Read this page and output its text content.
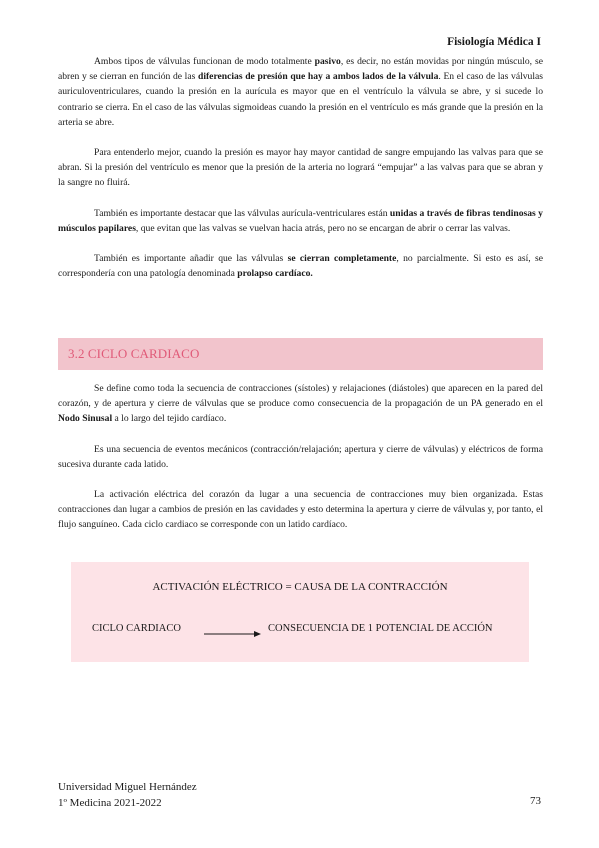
Fisiología Médica I

Ambos tipos de válvulas funcionan de modo totalmente pasivo, es decir, no están movidas por ningún músculo, se abren y se cierran en función de las diferencias de presión que hay a ambos lados de la válvula. En el caso de las válvulas auriculoventriculares, cuando la presión en la aurícula es mayor que en el ventrículo la válvula se abre, y si sucede lo contrario se cierra. En el caso de las válvulas sigmoideas cuando la presión en el ventrículo es más grande que la presión en la arteria se abre.

Para entenderlo mejor, cuando la presión es mayor hay mayor cantidad de sangre empujando las valvas para que se abran. Si la presión del ventrículo es menor que la presión de la arteria no logrará “empujar” a las valvas para que se abran y la sangre no fluirá.

También es importante destacar que las válvulas aurícula-ventriculares están unidas a través de fibras tendinosas y músculos papilares, que evitan que las valvas se vuelvan hacia atrás, pero no se encargan de abrir o cerrar las valvas.

También es importante añadir que las válvulas se cierran completamente, no parcialmente. Si esto es así, se correspondería con una patología denominada prolapso cardíaco.

3.2 CICLO CARDIACO

Se define como toda la secuencia de contracciones (sístoles) y relajaciones (diástoles) que aparecen en la pared del corazón, y de apertura y cierre de válvulas que se produce como consecuencia de la propagación de un PA generado en el Nodo Sinusal a lo largo del tejido cardíaco.

Es una secuencia de eventos mecánicos (contracción/relajación; apertura y cierre de válvulas) y eléctricos de forma sucesiva durante cada latido.

La activación eléctrica del corazón da lugar a una secuencia de contracciones muy bien organizada. Estas contracciones dan lugar a cambios de presión en las cavidades y esto determina la apertura y cierre de válvulas y, por tanto, el flujo sanguíneo. Cada ciclo cardiaco se corresponde con un latido cardíaco.

ACTIVACIÓN ELÉCTRICO = CAUSA DE LA CONTRACCIÓN
CICLO CARDIACO	CONSECUENCIA DE 1 POTENCIAL DE ACCIÓN
Universidad Miguel Hernández
1º Medicina 2021-2022	73
